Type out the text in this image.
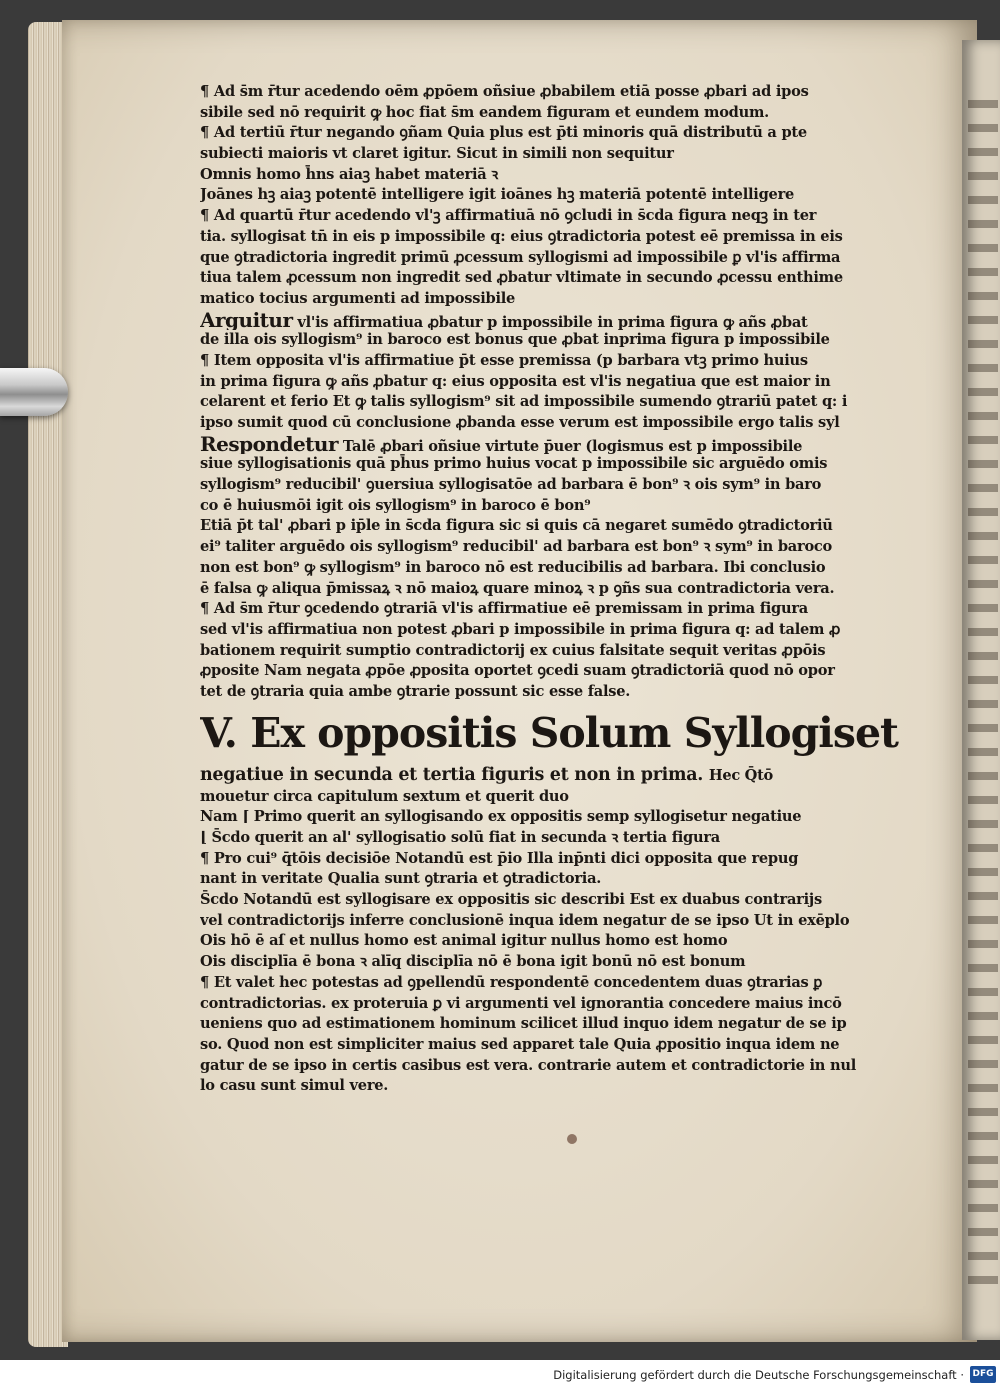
¶ Ad s̄m r̄tur acedendo oēm ꝓpōem oñsiue ꝓbabilem etiā posse ꝓbari ad ipos
sibile sed nō requirit ꝙ hoc fiat s̄m eandem figuram et eundem modum.
¶ Ad tertiū r̄tur negando ꝯñam Quia plus est p̄ti minoris quā distributū a pte
subiecti maioris vt claret igitur. Sicut in simili non sequitur
Omnis homo h̄ns aiaꝫ habet materiā ꝛ
Joānes hꝫ aiaꝫ potentē intelligere igit ioānes hꝫ materiā potentē intelligere
¶ Ad quartū r̄tur acedendo vl'ꝫ affirmatiuā nō ꝯcludi in s̄cda figura neqꝫ in ter
tia. syllogisat tn̄ in eis p impossibile q: eius ꝯtradictoria potest eē premissa in eis
que ꝯtradictoria ingredit primū ꝓcessum syllogismi ad impossibile ꝑ vl'is affirma
tiua talem ꝓcessum non ingredit sed ꝓbatur vltimate in secundo ꝓcessu enthime
matico tocius argumenti ad impossibile
Arguitur vl'is affirmatiua ꝓbatur p impossibile in prima figura ꝙ añs ꝓbat
de illa ois syllogism⁹ in baroco est bonus que ꝓbat inprima figura p impossibile
¶ Item opposita vl'is affirmatiue p̄t esse premissa (p barbara vtꝫ primo huius
in prima figura ꝙ añs ꝓbatur q: eius opposita est vl'is negatiua que est maior in
celarent et ferio Et ꝙ talis syllogism⁹ sit ad impossibile sumendo ꝯtrariū patet q: i
ipso sumit quod cū conclusione ꝓbanda esse verum est impossibile ergo talis syl
Respondetur Talē ꝓbari oñsiue virtute p̄uer (logismus est p impossibile
siue syllogisationis quā ph̄us primo huius vocat p impossibile sic arguēdo omis
syllogism⁹ reducibil' ꝯuersiua syllogisatōe ad barbara ē bon⁹ ꝛ ois sym⁹ in baro
co ē huiusmōi igit ois syllogism⁹ in baroco ē bon⁹
Etiā p̄t tal' ꝓbari p ip̄le in s̄cda figura sic si quis cā negaret sumēdo ꝯtradictoriū
ei⁹ taliter arguēdo ois syllogism⁹ reducibil' ad barbara est bon⁹ ꝛ sym⁹ in baroco
non est bon⁹ ꝙ syllogism⁹ in baroco nō est reducibilis ad barbara. Ibi conclusio
ē falsa ꝙ aliqua p̄missaꝝ ꝛ nō maioꝝ quare minoꝝ ꝛ p ꝯñs sua contradictoria vera.
¶ Ad s̄m r̄tur ꝯcedendo ꝯtrariā vl'is affirmatiue eē premissam in prima figura
sed vl'is affirmatiua non potest ꝓbari p impossibile in prima figura q: ad talem ꝓ
bationem requirit sumptio contradictorij ex cuius falsitate sequit veritas ꝓpōis
ꝓposite Nam negata ꝓpōe ꝓposita oportet ꝯcedi suam ꝯtradictoriā quod nō opor
tet de ꝯtraria quia ambe ꝯtrarie possunt sic esse false.
V. Ex oppositis Solum Syllogiset
negatiue in secunda et tertia figuris et non in prima. Hec Q̄tō
mouetur circa capitulum sextum et querit duo
Nam ⌈ Primo querit an syllogisando ex oppositis semp syllogisetur negatiue
⌊ S̄cdo querit an al' syllogisatio solū fiat in secunda ꝛ tertia figura
¶ Pro cui⁹ q̄tōis decisiōe Notandū est p̄io Illa inp̄nti dici opposita que repug
nant in veritate Qualia sunt ꝯtraria et ꝯtradictoria.
S̄cdo Notandū est syllogisare ex oppositis sic describi Est ex duabus contrarijs
vel contradictorijs inferre conclusionē inqua idem negatur de se ipso Ut in exēplo
Ois hō ē aſ et nullus homo est animal igitur nullus homo est homo
Ois disciplīa ē bona ꝛ alīq disciplīa nō ē bona igit bonū nō est bonum
¶ Et valet hec potestas ad ꝯpellendū respondentē concedentem duas ꝯtrarias ꝑ
contradictorias. ex proteruia ꝑ vi argumenti vel ignorantia concedere maius incō
ueniens quo ad estimationem hominum scilicet illud inquo idem negatur de se ip
so. Quod non est simpliciter maius sed apparet tale Quia ꝓpositio inqua idem ne
gatur de se ipso in certis casibus est vera. contrarie autem et contradictorie in nul
lo casu sunt simul vere.
Digitalisierung gefördert durch die Deutsche Forschungsgemeinschaft · DFG
